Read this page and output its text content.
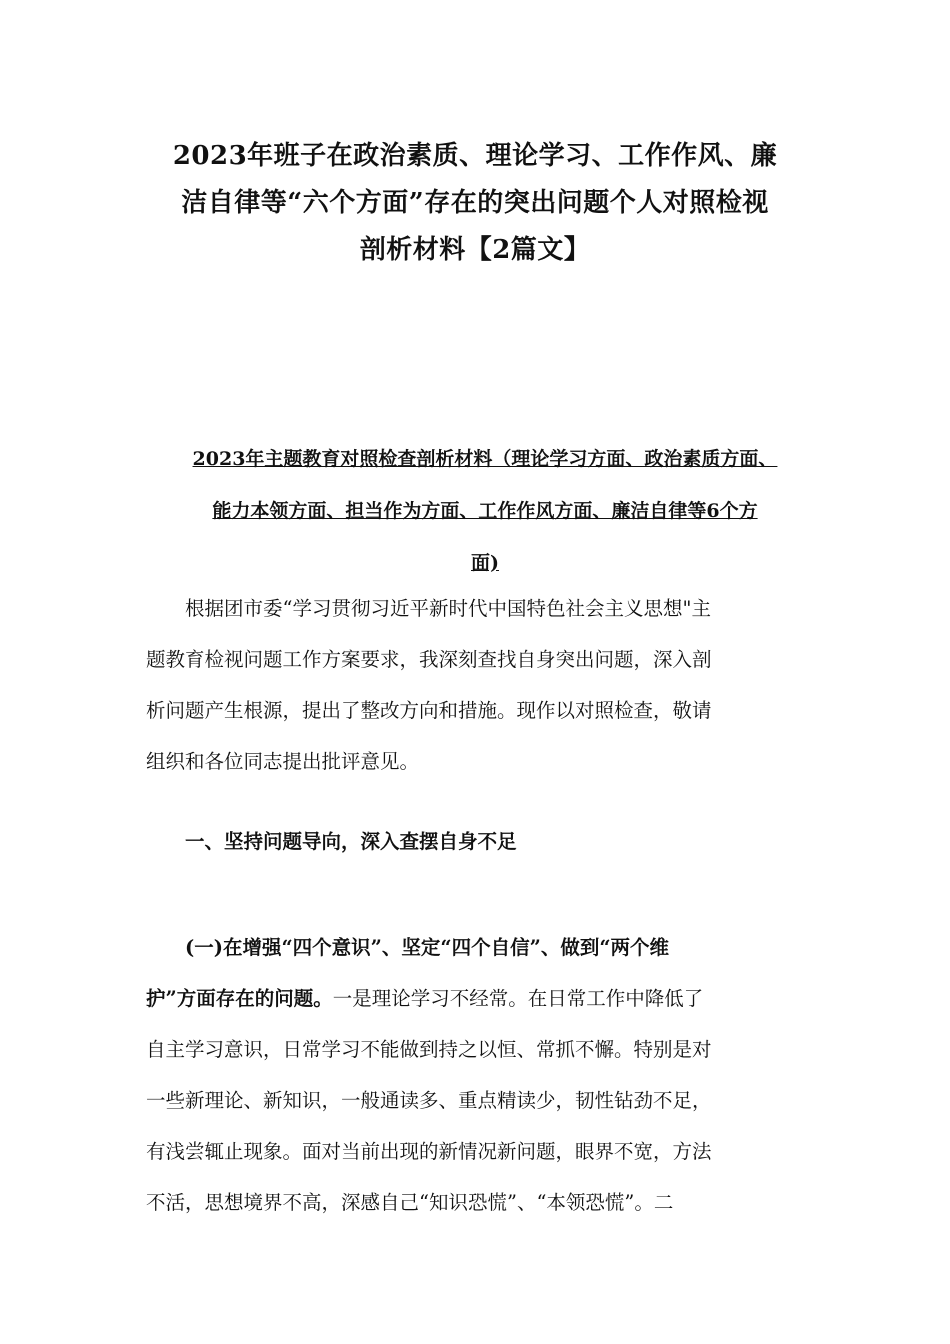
2023年班子在政治素质、理论学习、工作作风、廉
洁自律等“六个方面”存在的突出问题个人对照检视
剖析材料【2篇文】
2023年主题教育对照检查剖析材料（理论学习方面、政治素质方面、
能力本领方面、担当作为方面、工作作风方面、廉洁自律等6个方
面)

　　根据团市委“学习贯彻习近平新时代中国特色社会主义思想"主
题教育检视问题工作方案要求，我深刻查找自身突出问题，深入剖
析问题产生根源，提出了整改方向和措施。现作以对照检查，敬请
组织和各位同志提出批评意见。

一、坚持问题导向，深入查摆自身不足

　　(一)在增强“四个意识”、坚定“四个自信”、做到“两个维
护”方面存在的问题。一是理论学习不经常。在日常工作中降低了
自主学习意识，日常学习不能做到持之以恒、常抓不懈。特别是对
一些新理论、新知识，一般通读多、重点精读少，韧性钻劲不足，
有浅尝辄止现象。面对当前出现的新情况新问题，眼界不宽，方法
不活，思想境界不高，深感自己“知识恐慌”、“本领恐慌”。二
